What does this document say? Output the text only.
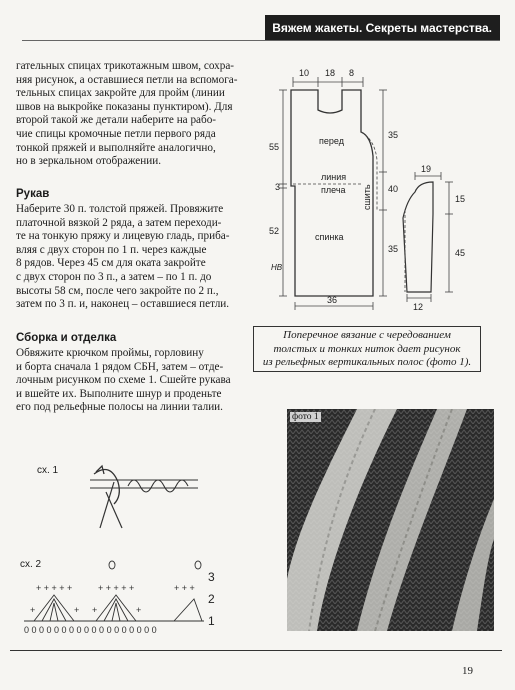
Вяжем жакеты. Секреты мастерства.

гательных спицах трикотажным швом, сохра-

няя рисунок, а оставшиеся петли на вспомога-

тельных спицах закройте для пройм (линии

швов на выкройке показаны пунктиром). Для

второй такой же детали наберите на рабо-

чие спицы кромочные петли первого ряда

тонкой пряжей и выполняйте аналогично,

но в зеркальном отображении.

Рукав

Наберите 30 п. толстой пряжей. Провяжите

платочной вязкой 2 ряда, а затем переходи-

те на тонкую пряжу и лицевую гладь, приба-

вляя с двух сторон по 1 п. через каждые

8 рядов. Через 45 см для оката закройте

с двух сторон по 3 п., а затем – по 1 п. до

высоты 58 см, после чего закройте по 2 п.,

затем по 3 п. и, наконец – оставшиеся петли.

Сборка и отделка

Обвяжите крючком проймы, горловину

и борта сначала 1 рядом СБН, затем – отде-

лочным рисунком по схеме 1. Сшейте рукава

и вшейте их. Выполните шнур и проденьте

его под рельефные полосы на линии талии.

10 18 8
55
3
52
НВ
35
40
35
36
перед
линия
плеча
спинка
сшить
19
15
45
12
Поперечное вязание с чередованием
толстых и тонких ниток дает рисунок
из рельефных вертикальных полос (фото 1).
сх. 1
сх. 2
+ + + + +	+ + + + +
+	+ +	+
+ + +
0 0 0 0 0 0 0 0 0 0 0 0 0 0 0 0 0 0
3
2
1
фото 1
19
